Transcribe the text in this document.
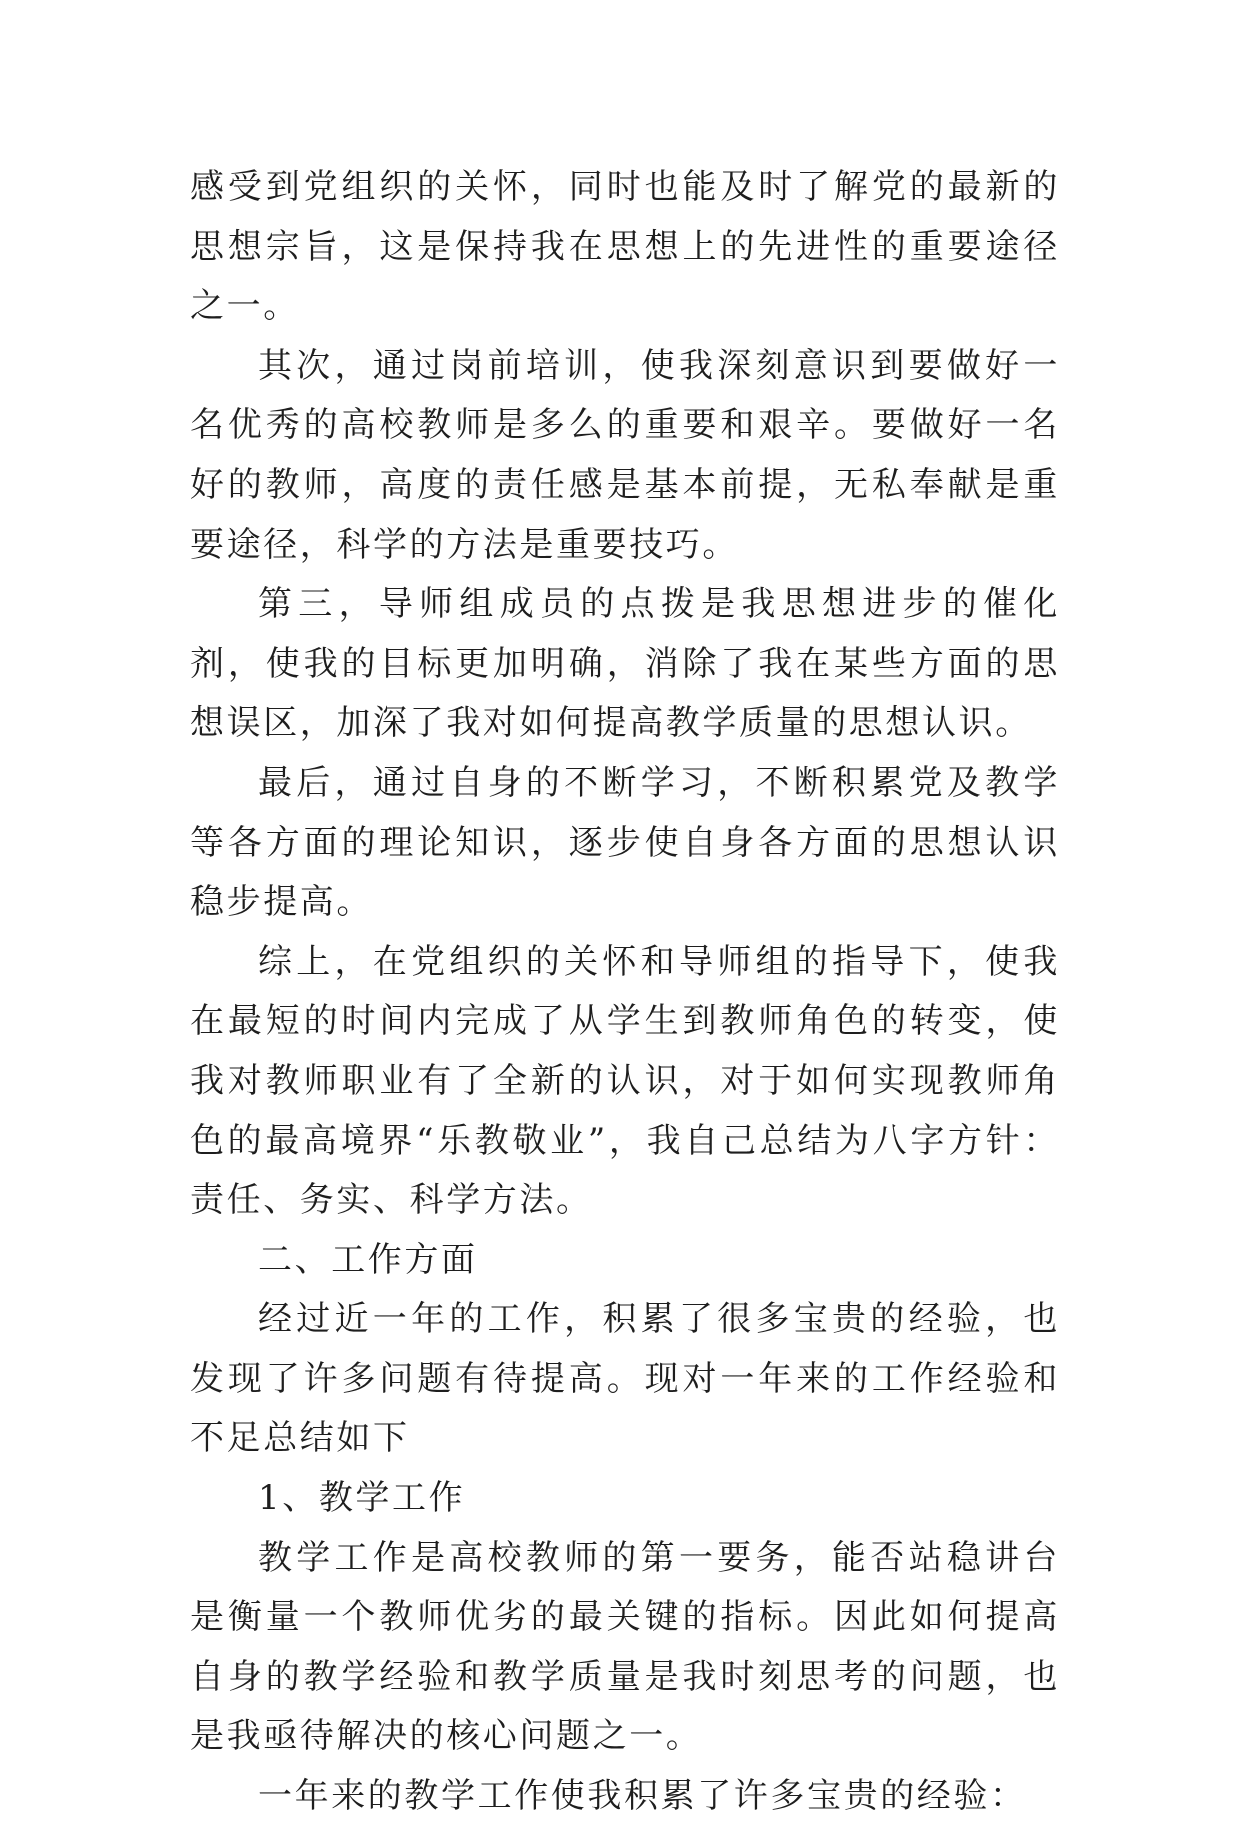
感受到党组织的关怀，同时也能及时了解党的最新的思想宗旨，这是保持我在思想上的先进性的重要途径之一。

其次，通过岗前培训，使我深刻意识到要做好一名优秀的高校教师是多么的重要和艰辛。要做好一名好的教师，高度的责任感是基本前提，无私奉献是重要途径，科学的方法是重要技巧。

第三，导师组成员的点拨是我思想进步的催化剂，使我的目标更加明确，消除了我在某些方面的思想误区，加深了我对如何提高教学质量的思想认识。

最后，通过自身的不断学习，不断积累党及教学等各方面的理论知识，逐步使自身各方面的思想认识稳步提高。

综上，在党组织的关怀和导师组的指导下，使我在最短的时间内完成了从学生到教师角色的转变，使我对教师职业有了全新的认识，对于如何实现教师角色的最高境界“乐教敬业”，我自己总结为八字方针：责任、务实、科学方法。

二、工作方面

经过近一年的工作，积累了很多宝贵的经验，也发现了许多问题有待提高。现对一年来的工作经验和不足总结如下

1、教学工作

教学工作是高校教师的第一要务，能否站稳讲台是衡量一个教师优劣的最关键的指标。因此如何提高自身的教学经验和教学质量是我时刻思考的问题，也是我亟待解决的核心问题之一。

一年来的教学工作使我积累了许多宝贵的经验：
